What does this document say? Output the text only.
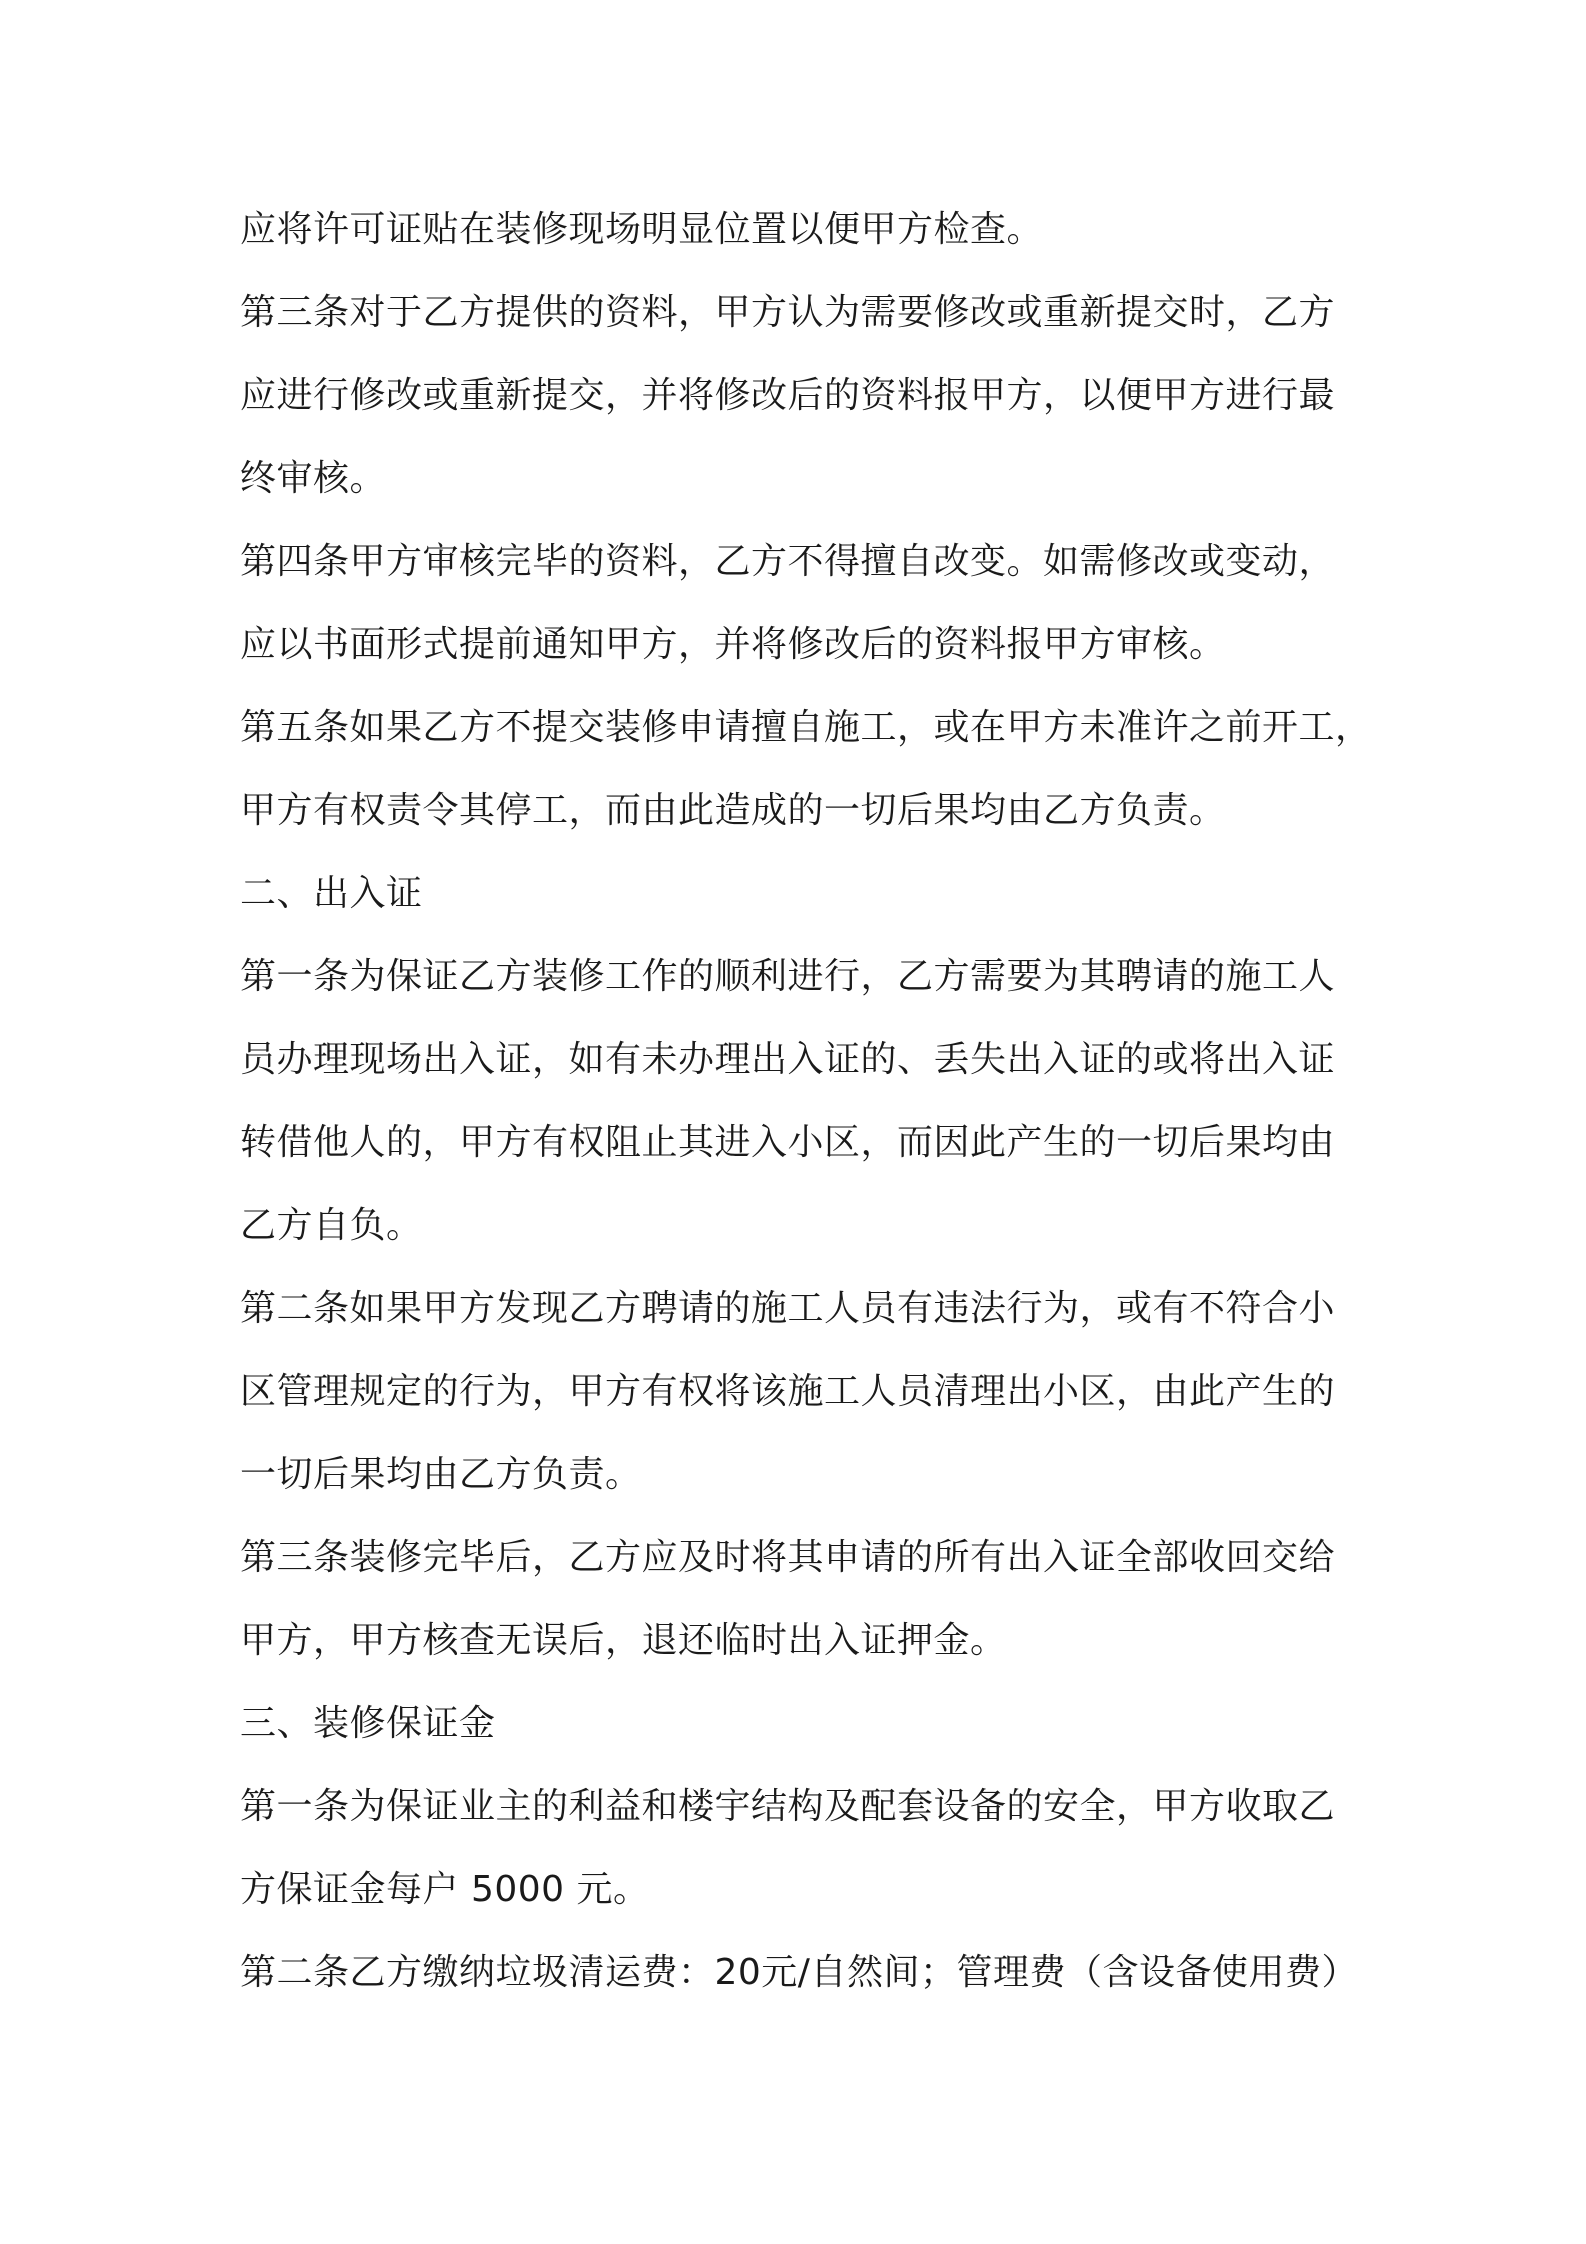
应将许可证贴在装修现场明显位置以便甲方检查。
第三条对于乙方提供的资料，甲方认为需要修改或重新提交时，乙方
应进行修改或重新提交，并将修改后的资料报甲方，以便甲方进行最
终审核。
第四条甲方审核完毕的资料，乙方不得擅自改变。如需修改或变动，
应以书面形式提前通知甲方，并将修改后的资料报甲方审核。
第五条如果乙方不提交装修申请擅自施工，或在甲方未准许之前开工，
甲方有权责令其停工，而由此造成的一切后果均由乙方负责。
二、出入证
第一条为保证乙方装修工作的顺利进行，乙方需要为其聘请的施工人
员办理现场出入证，如有未办理出入证的、丢失出入证的或将出入证
转借他人的，甲方有权阻止其进入小区，而因此产生的一切后果均由
乙方自负。
第二条如果甲方发现乙方聘请的施工人员有违法行为，或有不符合小
区管理规定的行为，甲方有权将该施工人员清理出小区，由此产生的
一切后果均由乙方负责。
第三条装修完毕后，乙方应及时将其申请的所有出入证全部收回交给
甲方，甲方核查无误后，退还临时出入证押金。
三、装修保证金
第一条为保证业主的利益和楼宇结构及配套设备的安全，甲方收取乙
方保证金每户 5000 元。
第二条乙方缴纳垃圾清运费：20元/自然间；管理费（含设备使用费）
